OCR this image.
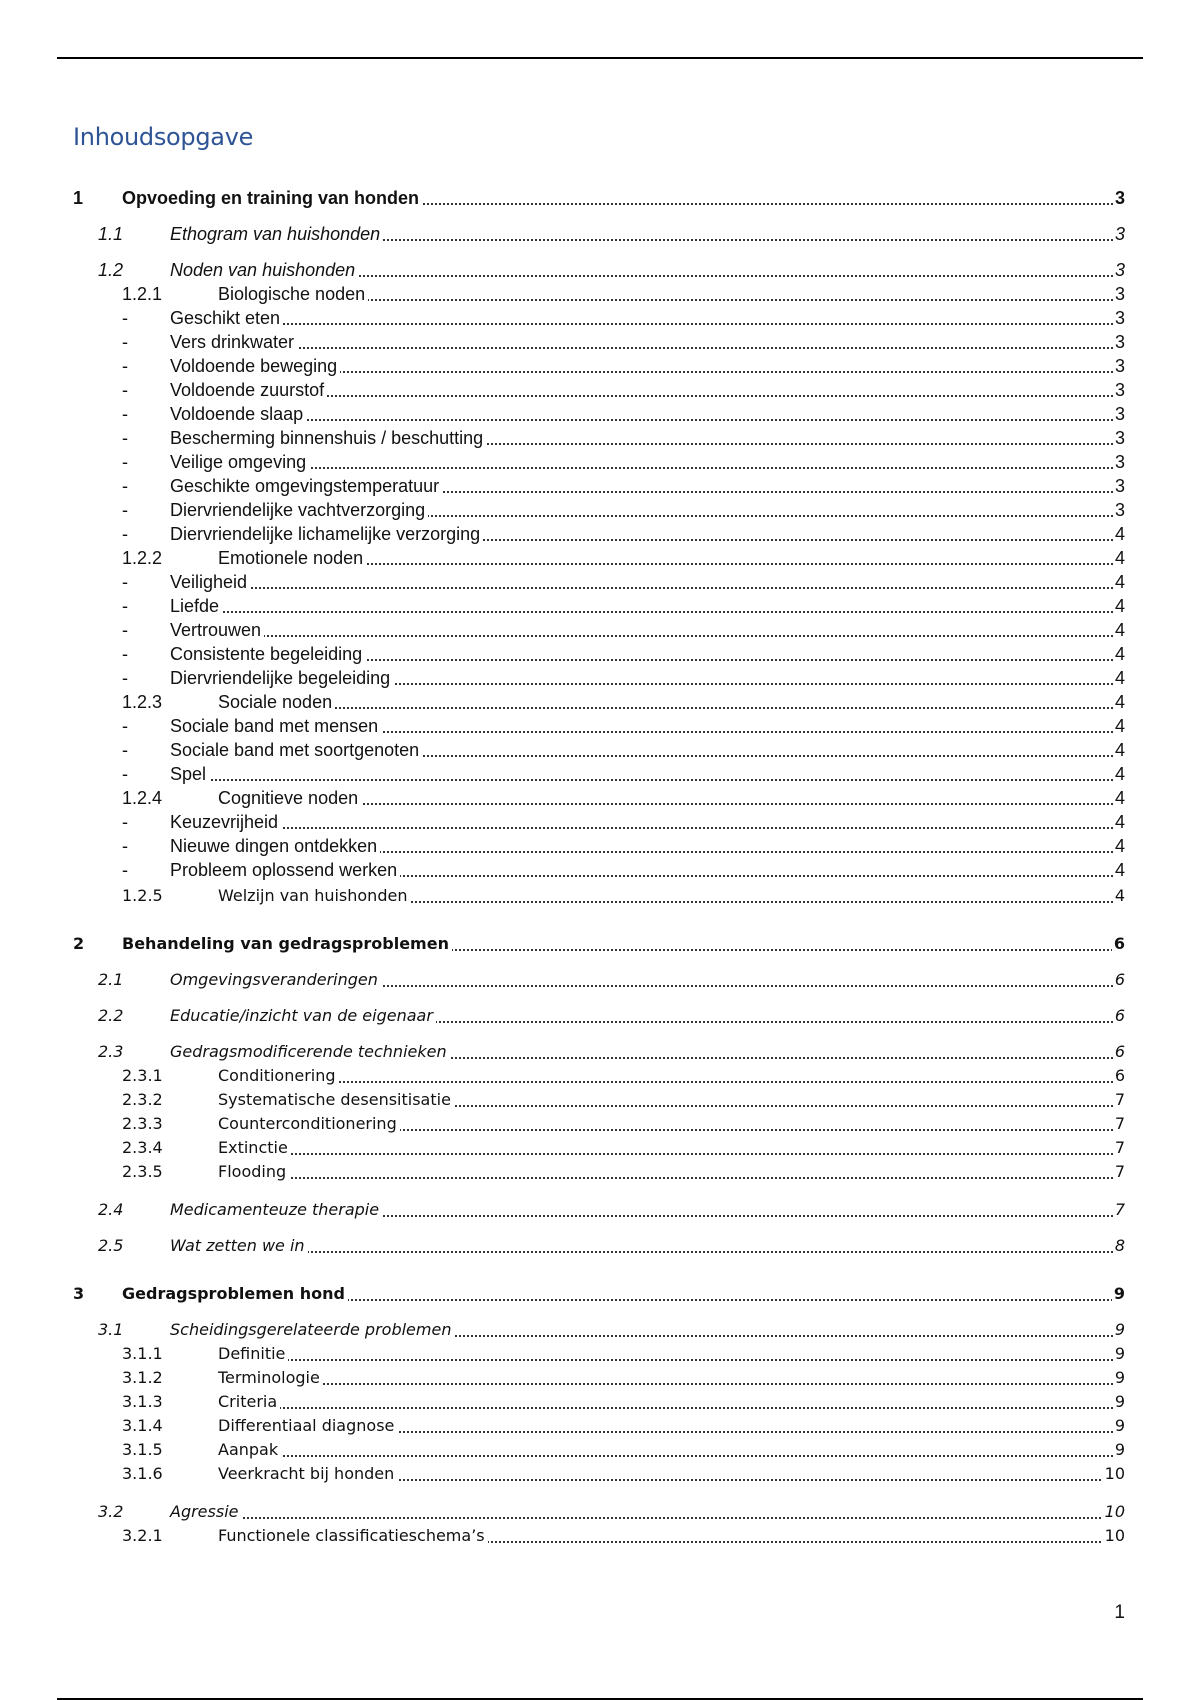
Inhoudsopgave
1 Opvoeding en training van honden	3
1.1	Ethogram van huishonden	3
1.2	Noden van huishonden	3
1.2.1	Biologische noden	3
- Geschikt eten	3
- Vers drinkwater	3
- Voldoende beweging	3
- Voldoende zuurstof	3
- Voldoende slaap	3
- Bescherming binnenshuis / beschutting	3
- Veilige omgeving	3
- Geschikte omgevingstemperatuur	3
- Diervriendelijke vachtverzorging	3
- Diervriendelijke lichamelijke verzorging	4
1.2.2	Emotionele noden	4
- Veiligheid	4
- Liefde	4
- Vertrouwen	4
- Consistente begeleiding	4
- Diervriendelijke begeleiding	4
1.2.3	Sociale noden	4
- Sociale band met mensen	4
- Sociale band met soortgenoten	4
- Spel	4
1.2.4	Cognitieve noden	4
- Keuzevrijheid	4
- Nieuwe dingen ontdekken	4
- Probleem oplossend werken	4
1.2.5	Welzijn van huishonden	4
2 Behandeling van gedragsproblemen	6
2.1	Omgevingsveranderingen	6
2.2	Educatie/inzicht van de eigenaar	6
2.3	Gedragsmodificerende technieken	6
2.3.1	Conditionering	6
2.3.2	Systematische desensitisatie	7
2.3.3	Counterconditionering	7
2.3.4	Extinctie	7
2.3.5	Flooding	7
2.4	Medicamenteuze therapie	7
2.5	Wat zetten we in	8
3 Gedragsproblemen hond	9
3.1	Scheidingsgerelateerde problemen	9
3.1.1	Definitie	9
3.1.2	Terminologie	9
3.1.3	Criteria	9
3.1.4	Differentiaal diagnose	9
3.1.5	Aanpak	9
3.1.6	Veerkracht bij honden	10
3.2	Agressie	10
3.2.1	Functionele classificatieschema’s	10

1
